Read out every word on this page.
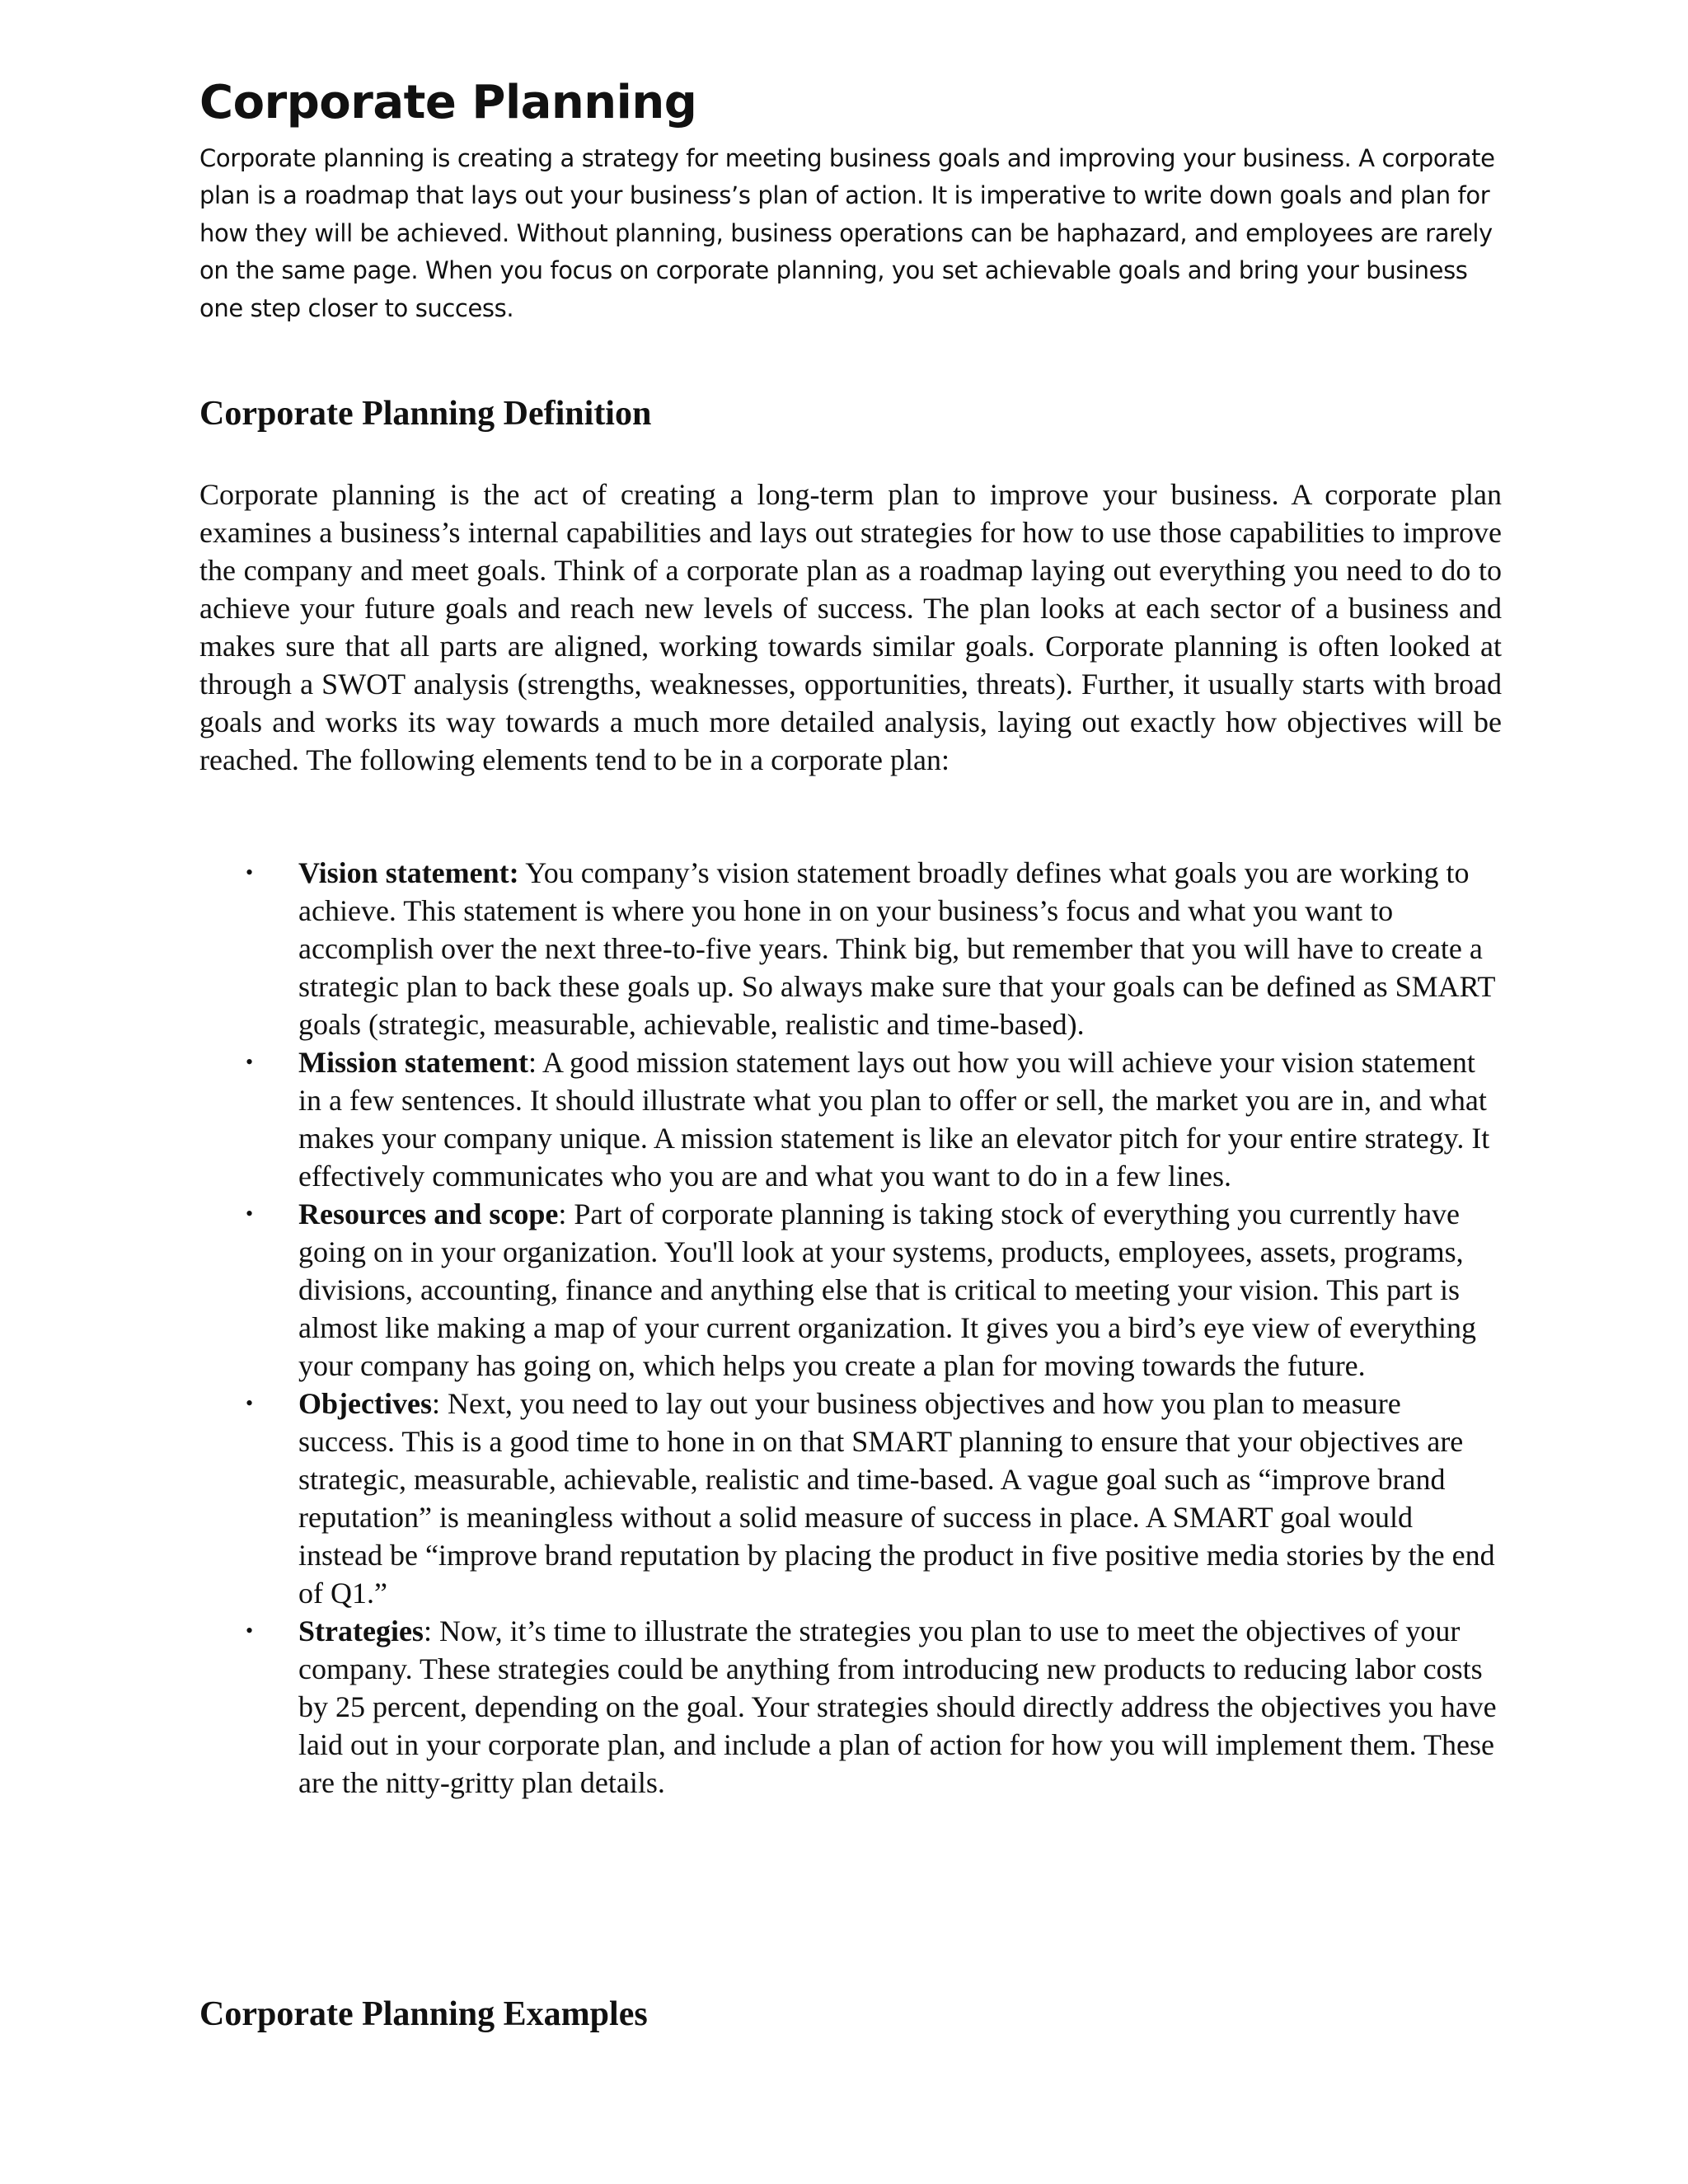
Corporate Planning

Corporate planning is creating a strategy for meeting business goals and improving your business. A corporate plan is a roadmap that lays out your business’s plan of action. It is imperative to write down goals and plan for how they will be achieved. Without planning, business operations can be haphazard, and employees are rarely on the same page. When you focus on corporate planning, you set achievable goals and bring your business one step closer to success.

Corporate Planning Definition

Corporate planning is the act of creating a long-term plan to improve your business. A corporate plan examines a business’s internal capabilities and lays out strategies for how to use those capabilities to improve the company and meet goals. Think of a corporate plan as a roadmap laying out everything you need to do to achieve your future goals and reach new levels of success. The plan looks at each sector of a business and makes sure that all parts are aligned, working towards similar goals. Corporate planning is often looked at through a SWOT analysis (strengths, weaknesses, opportunities, threats). Further, it usually starts with broad goals and works its way towards a much more detailed analysis, laying out exactly how objectives will be reached. The following elements tend to be in a corporate plan:

• Vision statement: You company’s vision statement broadly defines what goals you are working to achieve. This statement is where you hone in on your business’s focus and what you want to accomplish over the next three-to-five years. Think big, but remember that you will have to create a strategic plan to back these goals up. So always make sure that your goals can be defined as SMART goals (strategic, measurable, achievable, realistic and time-based).
• Mission statement: A good mission statement lays out how you will achieve your vision statement in a few sentences. It should illustrate what you plan to offer or sell, the market you are in, and what makes your company unique. A mission statement is like an elevator pitch for your entire strategy. It effectively communicates who you are and what you want to do in a few lines.
• Resources and scope: Part of corporate planning is taking stock of everything you currently have going on in your organization. You'll look at your systems, products, employees, assets, programs, divisions, accounting, finance and anything else that is critical to meeting your vision. This part is almost like making a map of your current organization. It gives you a bird’s eye view of everything your company has going on, which helps you create a plan for moving towards the future.
• Objectives: Next, you need to lay out your business objectives and how you plan to measure success. This is a good time to hone in on that SMART planning to ensure that your objectives are strategic, measurable, achievable, realistic and time-based. A vague goal such as “improve brand reputation” is meaningless without a solid measure of success in place. A SMART goal would instead be “improve brand reputation by placing the product in five positive media stories by the end of Q1.”
• Strategies: Now, it’s time to illustrate the strategies you plan to use to meet the objectives of your company. These strategies could be anything from introducing new products to reducing labor costs by 25 percent, depending on the goal. Your strategies should directly address the objectives you have laid out in your corporate plan, and include a plan of action for how you will implement them. These are the nitty-gritty plan details.
Corporate Planning Examples
